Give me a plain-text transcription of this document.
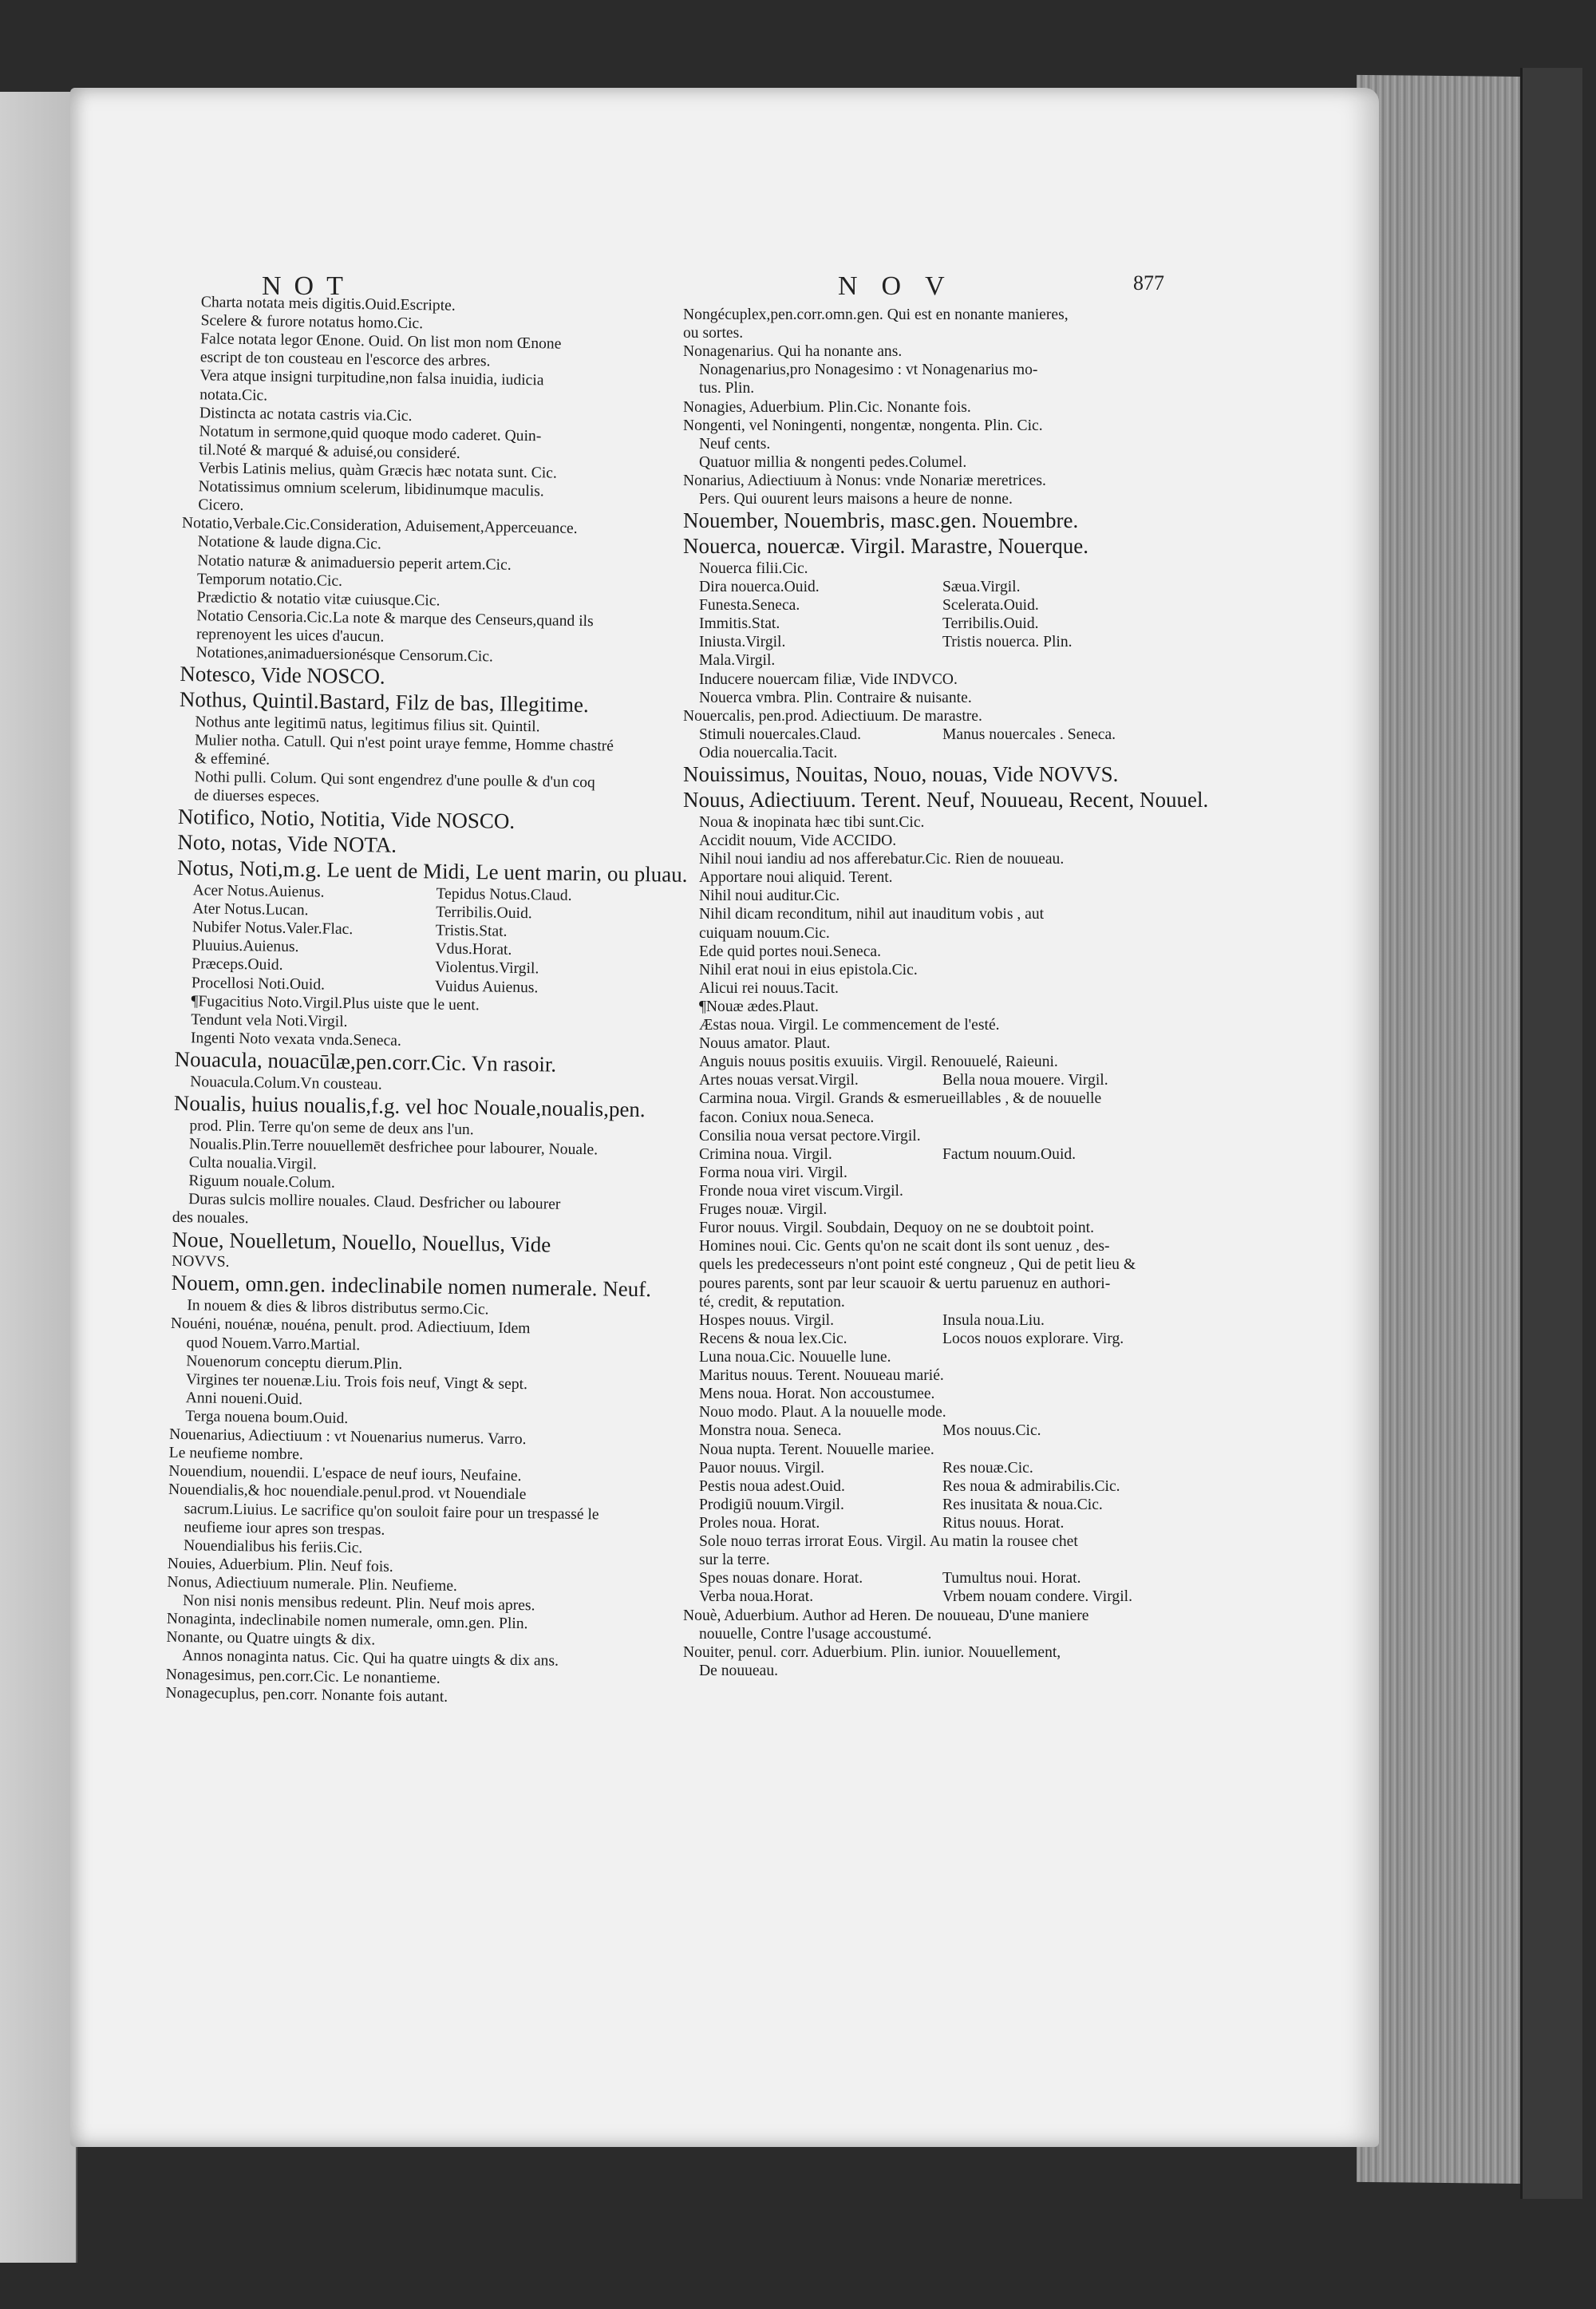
NOT	NOV	877
Charta notata meis digitis.Ouid.Escripte.
Scelere & furore notatus homo.Cic.
Falce notata legor Œnone. Ouid. On list mon nom Œnone
escript de ton cousteau en l'escorce des arbres.
Vera atque insigni turpitudine,non falsa inuidia, iudicia
notata.Cic.
Distincta ac notata castris via.Cic.
Notatum in sermone,quid quoque modo caderet. Quin-
til.Noté & marqué & aduisé,ou consideré.
Verbis Latinis melius, quàm Græcis hæc notata sunt. Cic.
Notatissimus omnium scelerum, libidinumque maculis.
Cicero.
Notatio,Verbale.Cic.Consideration, Aduisement,Apperceuance.
Notatione & laude digna.Cic.
Notatio naturæ & animaduersio peperit artem.Cic.
Temporum notatio.Cic.
Prædictio & notatio vitæ cuiusque.Cic.
Notatio Censoria.Cic.La note & marque des Censeurs,quand ils
reprenoyent les uices d'aucun.
Notationes,animaduersionésque Censorum.Cic.
Notesco, Vide NOSCO.
Nothus, Quintil.Bastard, Filz de bas, Illegitime.
Nothus ante legitimū natus, legitimus filius sit. Quintil.
Mulier notha. Catull. Qui n'est point uraye femme, Homme chastré
& effeminé.
Nothi pulli. Colum. Qui sont engendrez d'une poulle & d'un coq
de diuerses especes.
Notifico, Notio, Notitia, Vide NOSCO.
Noto, notas, Vide NOTA.
Notus, Noti,m.g. Le uent de Midi, Le uent marin, ou pluau.
Acer Notus.Auienus.	Tepidus Notus.Claud.
Ater Notus.Lucan.	Terribilis.Ouid.
Nubifer Notus.Valer.Flac.	Tristis.Stat.
Pluuius.Auienus.	Vdus.Horat.
Præceps.Ouid.	Violentus.Virgil.
Procellosi Noti.Ouid.	Vuidus Auienus.
¶Fugacitius Noto.Virgil.Plus uiste que le uent.
Tendunt vela Noti.Virgil.
Ingenti Noto vexata vnda.Seneca.
Nouacula, nouacūlæ,pen.corr.Cic. Vn rasoir.
Nouacula.Colum.Vn cousteau.
Noualis, huius noualis,f.g. vel hoc Nouale,noualis,pen.
prod. Plin. Terre qu'on seme de deux ans l'un.
Noualis.Plin.Terre nouuellemēt desfrichee pour labourer, Nouale.
Culta noualia.Virgil.
Riguum nouale.Colum.
Duras sulcis mollire nouales. Claud. Desfricher ou labourer
des nouales.
Noue, Nouelletum, Nouello, Nouellus, Vide
NOVVS.
Nouem, omn.gen. indeclinabile nomen numerale. Neuf.
In nouem & dies & libros distributus sermo.Cic.
Nouéni, nouénæ, nouéna, penult. prod. Adiectiuum, Idem
quod Nouem.Varro.Martial.
Nouenorum conceptu dierum.Plin.
Virgines ter nouenæ.Liu. Trois fois neuf, Vingt & sept.
Anni noueni.Ouid.
Terga nouena boum.Ouid.
Nouenarius, Adiectiuum : vt Nouenarius numerus. Varro.
Le neufieme nombre.
Nouendium, nouendii. L'espace de neuf iours, Neufaine.
Nouendialis,& hoc nouendiale.penul.prod. vt Nouendiale
sacrum.Liuius. Le sacrifice qu'on souloit faire pour un trespassé le
neufieme iour apres son trespas.
Nouendialibus his feriis.Cic.
Nouies, Aduerbium. Plin. Neuf fois.
Nonus, Adiectiuum numerale. Plin. Neufieme.
Non nisi nonis mensibus redeunt. Plin. Neuf mois apres.
Nonaginta, indeclinabile nomen numerale, omn.gen. Plin.
Nonante, ou Quatre uingts & dix.
Annos nonaginta natus. Cic. Qui ha quatre uingts & dix ans.
Nonagesimus, pen.corr.Cic. Le nonantieme.
Nonagecuplus, pen.corr. Nonante fois autant.
Nongécuplex,pen.corr.omn.gen. Qui est en nonante manieres,
ou sortes.
Nonagenarius. Qui ha nonante ans.
Nonagenarius,pro Nonagesimo : vt Nonagenarius mo-
tus. Plin.
Nonagies, Aduerbium. Plin.Cic. Nonante fois.
Nongenti, vel Noningenti, nongentæ, nongenta. Plin. Cic.
Neuf cents.
Quatuor millia & nongenti pedes.Columel.
Nonarius, Adiectiuum à Nonus: vnde Nonariæ meretrices.
Pers. Qui ouurent leurs maisons a heure de nonne.
Nouember, Nouembris, masc.gen. Nouembre.
Nouerca, nouercæ. Virgil. Marastre, Nouerque.
Nouerca filii.Cic.
Dira nouerca.Ouid.	Sæua.Virgil.
Funesta.Seneca.	Scelerata.Ouid.
Immitis.Stat.	Terribilis.Ouid.
Iniusta.Virgil.	Tristis nouerca. Plin.
Mala.Virgil.
Inducere nouercam filiæ, Vide INDVCO.
Nouerca vmbra. Plin. Contraire & nuisante.
Nouercalis, pen.prod. Adiectiuum. De marastre.
Stimuli nouercales.Claud.	Manus nouercales . Seneca.
Odia nouercalia.Tacit.
Nouissimus, Nouitas, Nouo, nouas, Vide NOVVS.
Nouus, Adiectiuum. Terent. Neuf, Nouueau, Recent, Nouuel.
Noua & inopinata hæc tibi sunt.Cic.
Accidit nouum, Vide ACCIDO.
Nihil noui iandiu ad nos afferebatur.Cic. Rien de nouueau.
Apportare noui aliquid. Terent.
Nihil noui auditur.Cic.
Nihil dicam reconditum, nihil aut inauditum vobis , aut
cuiquam nouum.Cic.
Ede quid portes noui.Seneca.
Nihil erat noui in eius epistola.Cic.
Alicui rei nouus.Tacit.
¶Nouæ ædes.Plaut.
Æstas noua. Virgil. Le commencement de l'esté.
Nouus amator. Plaut.
Anguis nouus positis exuuiis. Virgil. Renouuelé, Raieuni.
Artes nouas versat.Virgil.	Bella noua mouere. Virgil.
Carmina noua. Virgil. Grands & esmerueillables , & de nouuelle
facon. Coniux noua.Seneca.
Consilia noua versat pectore.Virgil.
Crimina noua. Virgil.	Factum nouum.Ouid.
Forma noua viri. Virgil.
Fronde noua viret viscum.Virgil.
Fruges nouæ. Virgil.
Furor nouus. Virgil. Soubdain, Dequoy on ne se doubtoit point.
Homines noui. Cic. Gents qu'on ne scait dont ils sont uenuz , des-
quels les predecesseurs n'ont point esté congneuz , Qui de petit lieu &
poures parents, sont par leur scauoir & uertu paruenuz en authori-
té, credit, & reputation.
Hospes nouus. Virgil.	Insula noua.Liu.
Recens & noua lex.Cic.	Locos nouos explorare. Virg.
Luna noua.Cic. Nouuelle lune.
Maritus nouus. Terent. Nouueau marié.
Mens noua. Horat. Non accoustumee.
Nouo modo. Plaut. A la nouuelle mode.
Monstra noua. Seneca.	Mos nouus.Cic.
Noua nupta. Terent. Nouuelle mariee.
Pauor nouus. Virgil.	Res nouæ.Cic.
Pestis noua adest.Ouid.	Res noua & admirabilis.Cic.
Prodigiū nouum.Virgil.	Res inusitata & noua.Cic.
Proles noua. Horat.	Ritus nouus. Horat.
Sole nouo terras irrorat Eous. Virgil. Au matin la rousee chet
sur la terre.
Spes nouas donare. Horat.	Tumultus noui. Horat.
Verba noua.Horat.	Vrbem nouam condere. Virgil.
Nouè, Aduerbium. Author ad Heren. De nouueau, D'une maniere
nouuelle, Contre l'usage accoustumé.
Nouiter, penul. corr. Aduerbium. Plin. iunior. Nouuellement,
De nouueau.
